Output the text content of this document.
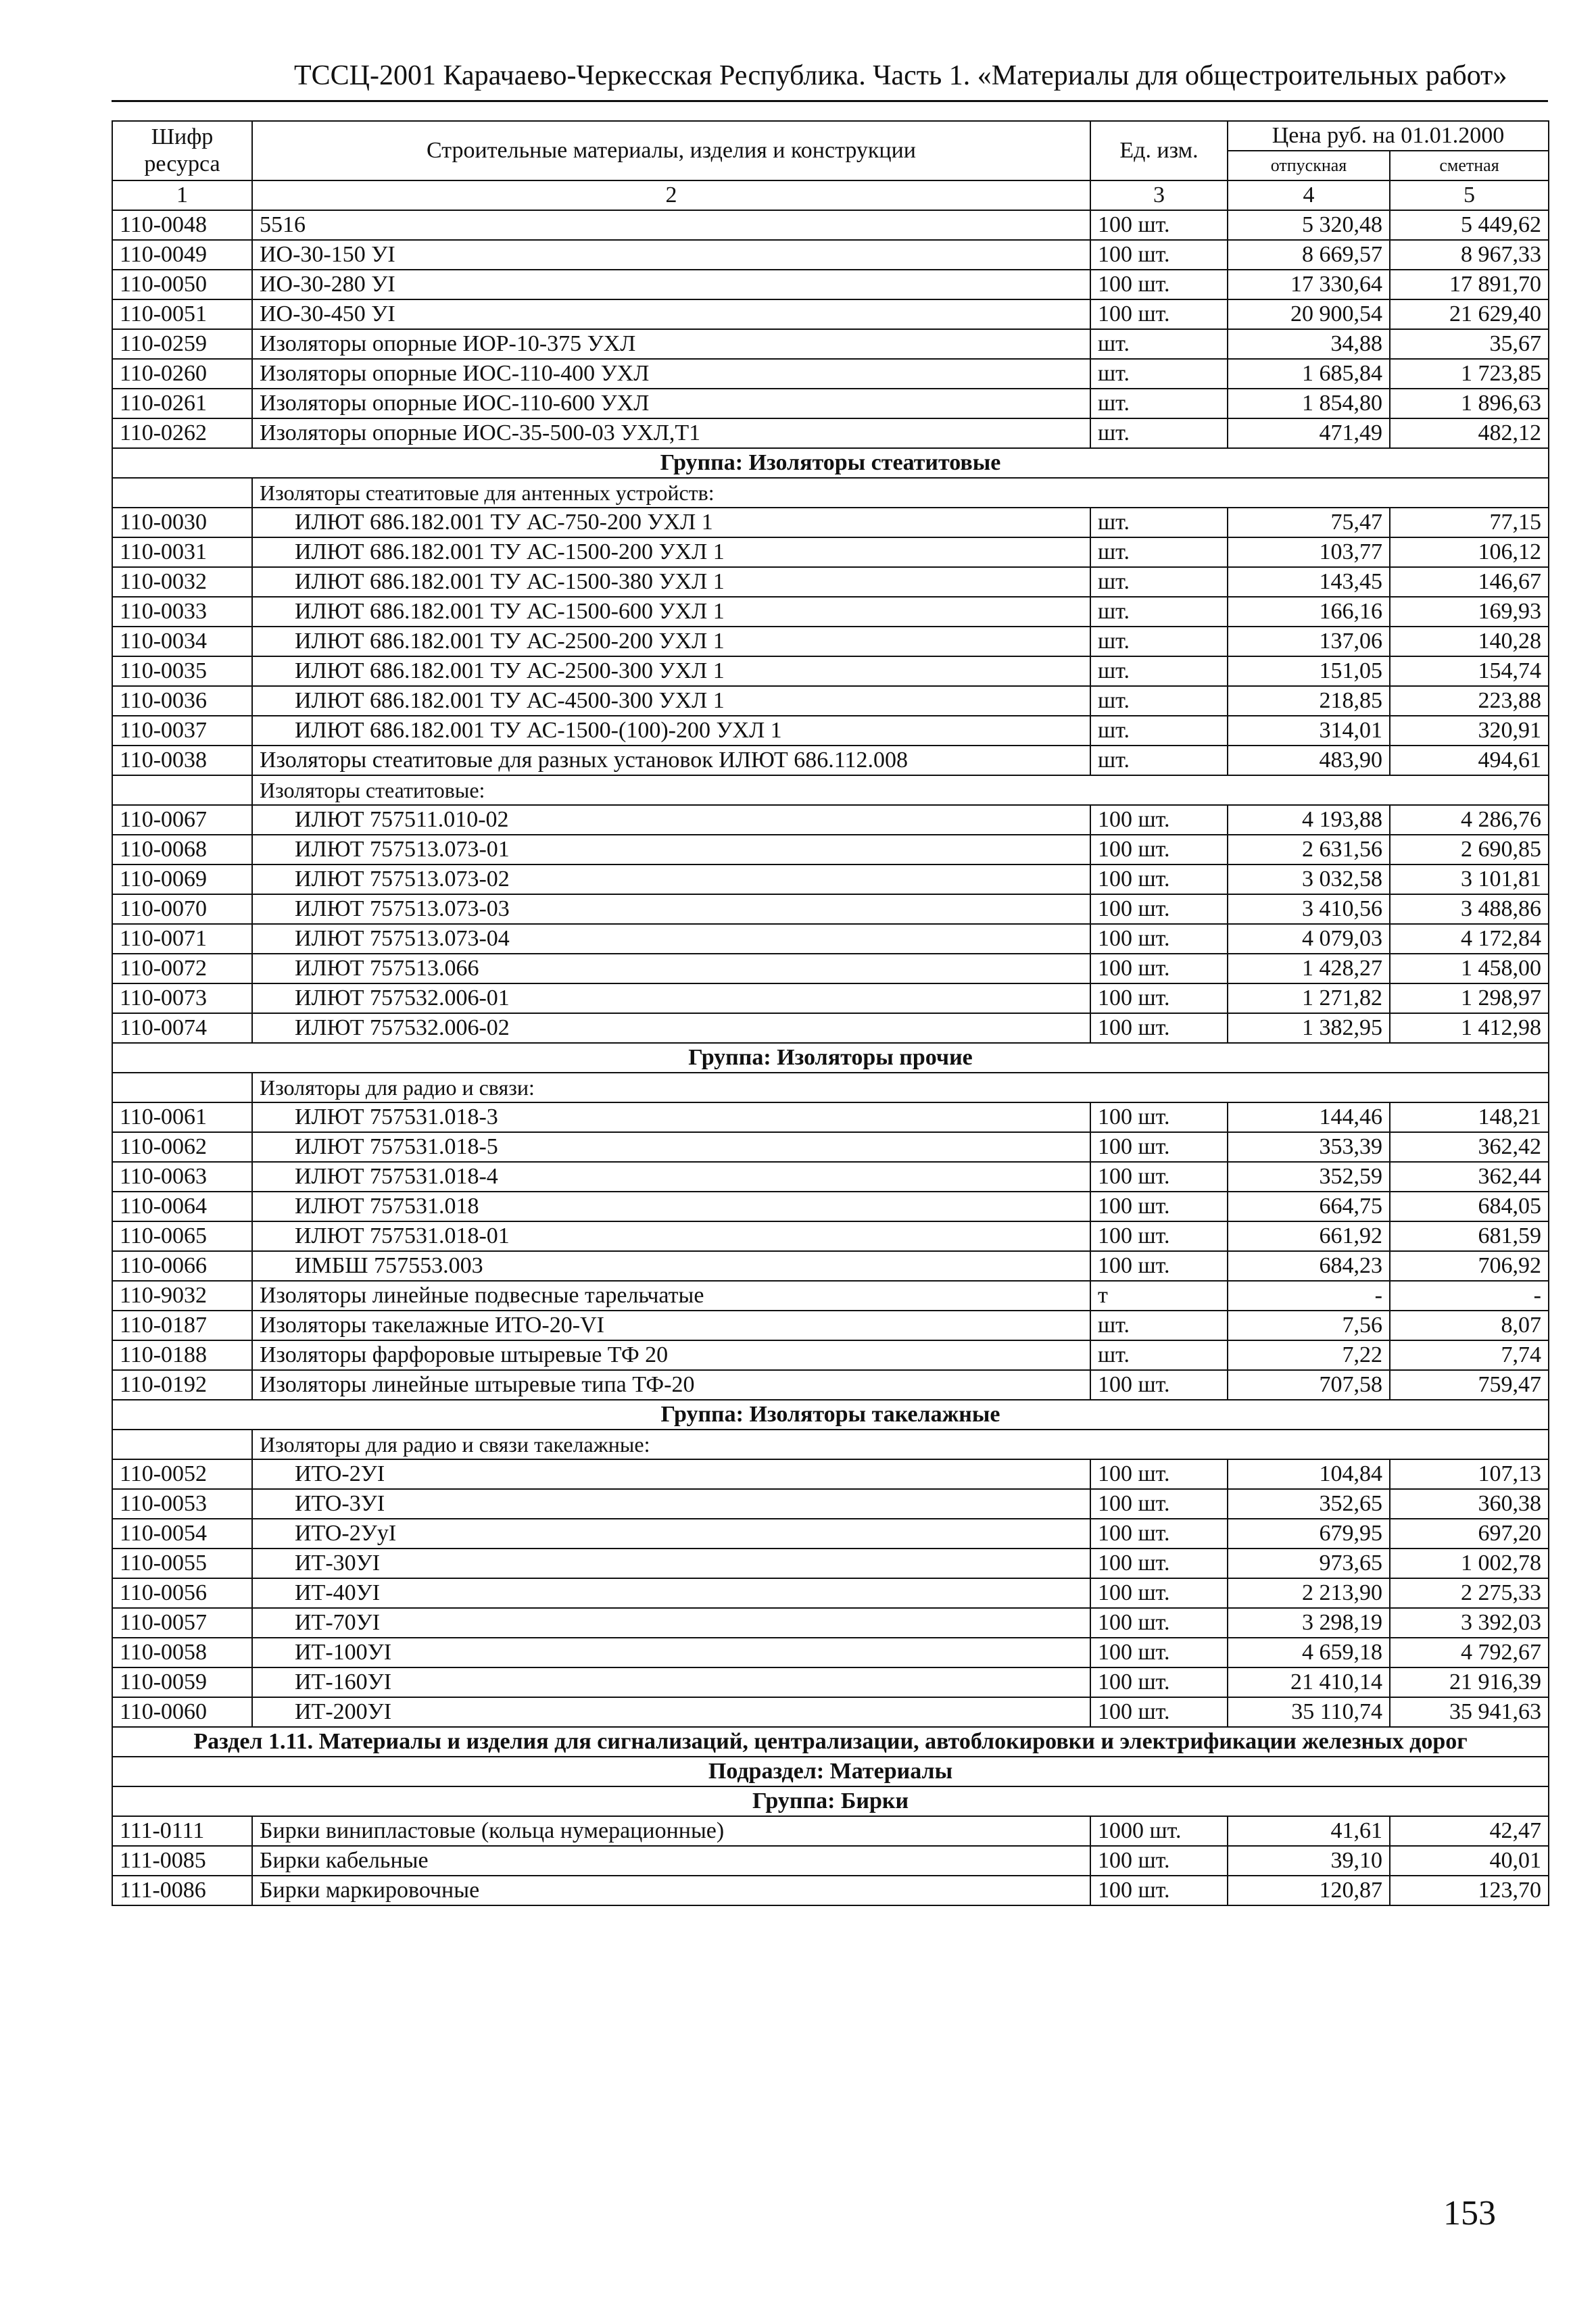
ТССЦ-2001 Карачаево-Черкесская Республика. Часть 1. «Материалы для общестроительных работ»
Шифр ресурса	Строительные материалы, изделия и конструкции	Ед. изм.	Цена руб. на 01.01.2000	
			отпускная	сметная
1	2	3	4	5
110-0048	5516	100 шт.	5 320,48	5 449,62
110-0049	ИО-30-150 УI	100 шт.	8 669,57	8 967,33
110-0050	ИО-30-280 УI	100 шт.	17 330,64	17 891,70
110-0051	ИО-30-450 УI	100 шт.	20 900,54	21 629,40
110-0259	Изоляторы опорные ИОР-10-375 УХЛ	шт.	34,88	35,67
110-0260	Изоляторы опорные ИОС-110-400 УХЛ	шт.	1 685,84	1 723,85
110-0261	Изоляторы опорные ИОС-110-600 УХЛ	шт.	1 854,80	1 896,63
110-0262	Изоляторы опорные ИОС-35-500-03 УХЛ,Т1	шт.	471,49	482,12
Группа: Изоляторы стеатитовые				
	Изоляторы стеатитовые для антенных устройств:			
110-0030	ИЛЮТ 686.182.001 ТУ АС-750-200 УХЛ 1	шт.	75,47	77,15
110-0031	ИЛЮТ 686.182.001 ТУ АС-1500-200 УХЛ 1	шт.	103,77	106,12
110-0032	ИЛЮТ 686.182.001 ТУ АС-1500-380 УХЛ 1	шт.	143,45	146,67
110-0033	ИЛЮТ 686.182.001 ТУ АС-1500-600 УХЛ 1	шт.	166,16	169,93
110-0034	ИЛЮТ 686.182.001 ТУ АС-2500-200 УХЛ 1	шт.	137,06	140,28
110-0035	ИЛЮТ 686.182.001 ТУ АС-2500-300 УХЛ 1	шт.	151,05	154,74
110-0036	ИЛЮТ 686.182.001 ТУ АС-4500-300 УХЛ 1	шт.	218,85	223,88
110-0037	ИЛЮТ 686.182.001 ТУ АС-1500-(100)-200 УХЛ 1	шт.	314,01	320,91
110-0038	Изоляторы стеатитовые для разных установок ИЛЮТ 686.112.008	шт.	483,90	494,61
	Изоляторы стеатитовые:			
110-0067	ИЛЮТ 757511.010-02	100 шт.	4 193,88	4 286,76
110-0068	ИЛЮТ 757513.073-01	100 шт.	2 631,56	2 690,85
110-0069	ИЛЮТ 757513.073-02	100 шт.	3 032,58	3 101,81
110-0070	ИЛЮТ 757513.073-03	100 шт.	3 410,56	3 488,86
110-0071	ИЛЮТ 757513.073-04	100 шт.	4 079,03	4 172,84
110-0072	ИЛЮТ 757513.066	100 шт.	1 428,27	1 458,00
110-0073	ИЛЮТ 757532.006-01	100 шт.	1 271,82	1 298,97
110-0074	ИЛЮТ 757532.006-02	100 шт.	1 382,95	1 412,98
Группа: Изоляторы прочие				
	Изоляторы для радио и связи:			
110-0061	ИЛЮТ 757531.018-3	100 шт.	144,46	148,21
110-0062	ИЛЮТ 757531.018-5	100 шт.	353,39	362,42
110-0063	ИЛЮТ 757531.018-4	100 шт.	352,59	362,44
110-0064	ИЛЮТ 757531.018	100 шт.	664,75	684,05
110-0065	ИЛЮТ 757531.018-01	100 шт.	661,92	681,59
110-0066	ИМБШ 757553.003	100 шт.	684,23	706,92
110-9032	Изоляторы линейные подвесные тарельчатые	т	-	-
110-0187	Изоляторы такелажные ИТО-20-VI	шт.	7,56	8,07
110-0188	Изоляторы фарфоровые штыревые ТФ 20	шт.	7,22	7,74
110-0192	Изоляторы линейные штыревые типа ТФ-20	100 шт.	707,58	759,47
Группа: Изоляторы такелажные				
	Изоляторы для радио и связи такелажные:			
110-0052	ИТО-2УI	100 шт.	104,84	107,13
110-0053	ИТО-3УI	100 шт.	352,65	360,38
110-0054	ИТО-2УуI	100 шт.	679,95	697,20
110-0055	ИТ-30УI	100 шт.	973,65	1 002,78
110-0056	ИТ-40УI	100 шт.	2 213,90	2 275,33
110-0057	ИТ-70УI	100 шт.	3 298,19	3 392,03
110-0058	ИТ-100УI	100 шт.	4 659,18	4 792,67
110-0059	ИТ-160УI	100 шт.	21 410,14	21 916,39
110-0060	ИТ-200УI	100 шт.	35 110,74	35 941,63
Раздел 1.11. Материалы и изделия для сигнализаций, централизации, автоблокировки и электрификации железных дорог				
Подраздел: Материалы				
Группа: Бирки				
111-0111	Бирки винипластовые (кольца нумерационные)	1000 шт.	41,61	42,47
111-0085	Бирки кабельные	100 шт.	39,10	40,01
111-0086	Бирки маркировочные	100 шт.	120,87	123,70
153
